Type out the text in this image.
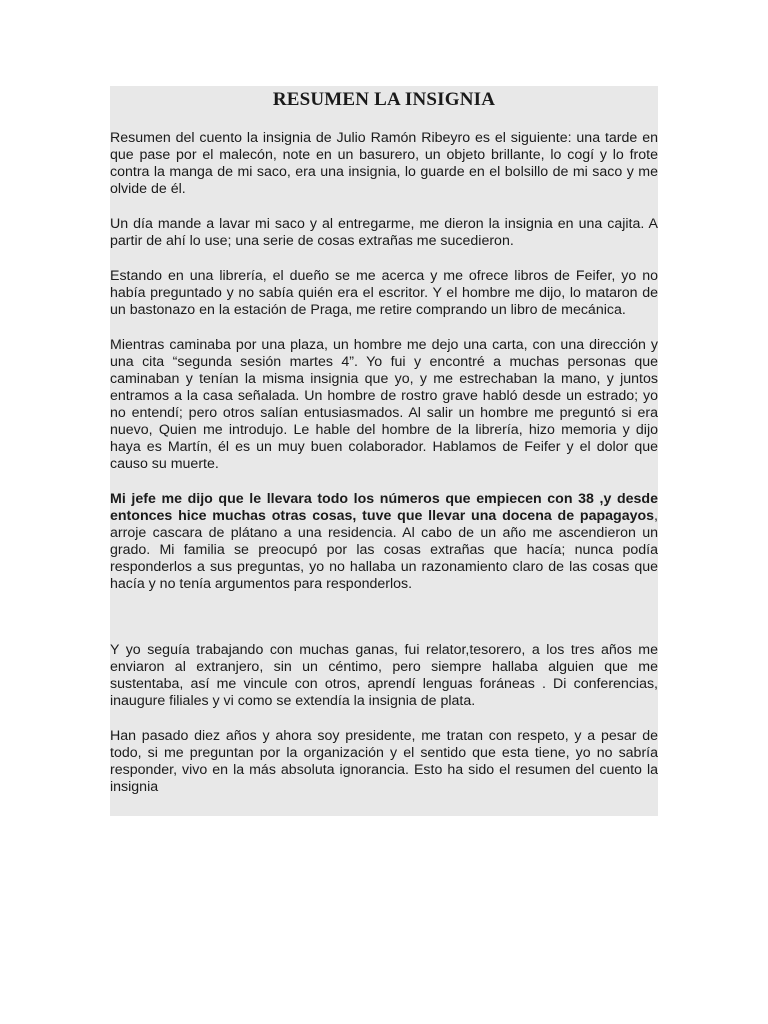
RESUMEN LA INSIGNIA

Resumen del cuento la insignia de Julio Ramón Ribeyro es el siguiente: una tarde en que pase por el malecón, note en un basurero, un objeto brillante, lo cogí y lo frote contra la manga de mi saco, era una insignia, lo guarde en el bolsillo de mi saco y me olvide de él.

Un día mande a lavar mi saco y al entregarme, me dieron la insignia en una cajita. A partir de ahí lo use; una serie de cosas extrañas me sucedieron.

Estando en una librería, el dueño se me acerca y me ofrece libros de Feifer, yo no había preguntado y no sabía quién era el escritor. Y el hombre me dijo, lo mataron de un bastonazo en la estación de Praga, me retire comprando un libro de mecánica.

Mientras caminaba por una plaza, un hombre me dejo una carta, con una dirección y una cita “segunda sesión martes 4”. Yo fui y encontré a muchas personas que caminaban y tenían la misma insignia que yo, y me estrechaban la mano, y juntos entramos a la casa señalada. Un hombre de rostro grave habló desde un estrado; yo no entendí; pero otros salían entusiasmados. Al salir un hombre me preguntó si era nuevo, Quien me introdujo. Le hable del hombre de la librería, hizo memoria y dijo haya es Martín, él es un muy buen colaborador. Hablamos de Feifer y el dolor que causo su muerte.

Mi jefe me dijo que le llevara todo los números que empiecen con 38 ,y desde entonces hice muchas otras cosas, tuve que llevar una docena de papagayos, arroje cascara de plátano a una residencia. Al cabo de un año me ascendieron un grado. Mi familia se preocupó por las cosas extrañas que hacía; nunca podía responderlos a sus preguntas, yo no hallaba un razonamiento claro de las cosas que hacía y no tenía argumentos para responderlos.

Y yo seguía trabajando con muchas ganas, fui relator,tesorero, a los tres años me enviaron al extranjero, sin un céntimo, pero siempre hallaba alguien que me sustentaba, así me vincule con otros, aprendí lenguas foráneas . Di conferencias, inaugure filiales y vi como se extendía la insignia de plata.

Han pasado diez años y ahora soy presidente, me tratan con respeto, y a pesar de todo, si me preguntan por la organización y el sentido que esta tiene, yo no sabría responder, vivo en la más absoluta ignorancia. Esto ha sido el resumen del cuento la insignia
